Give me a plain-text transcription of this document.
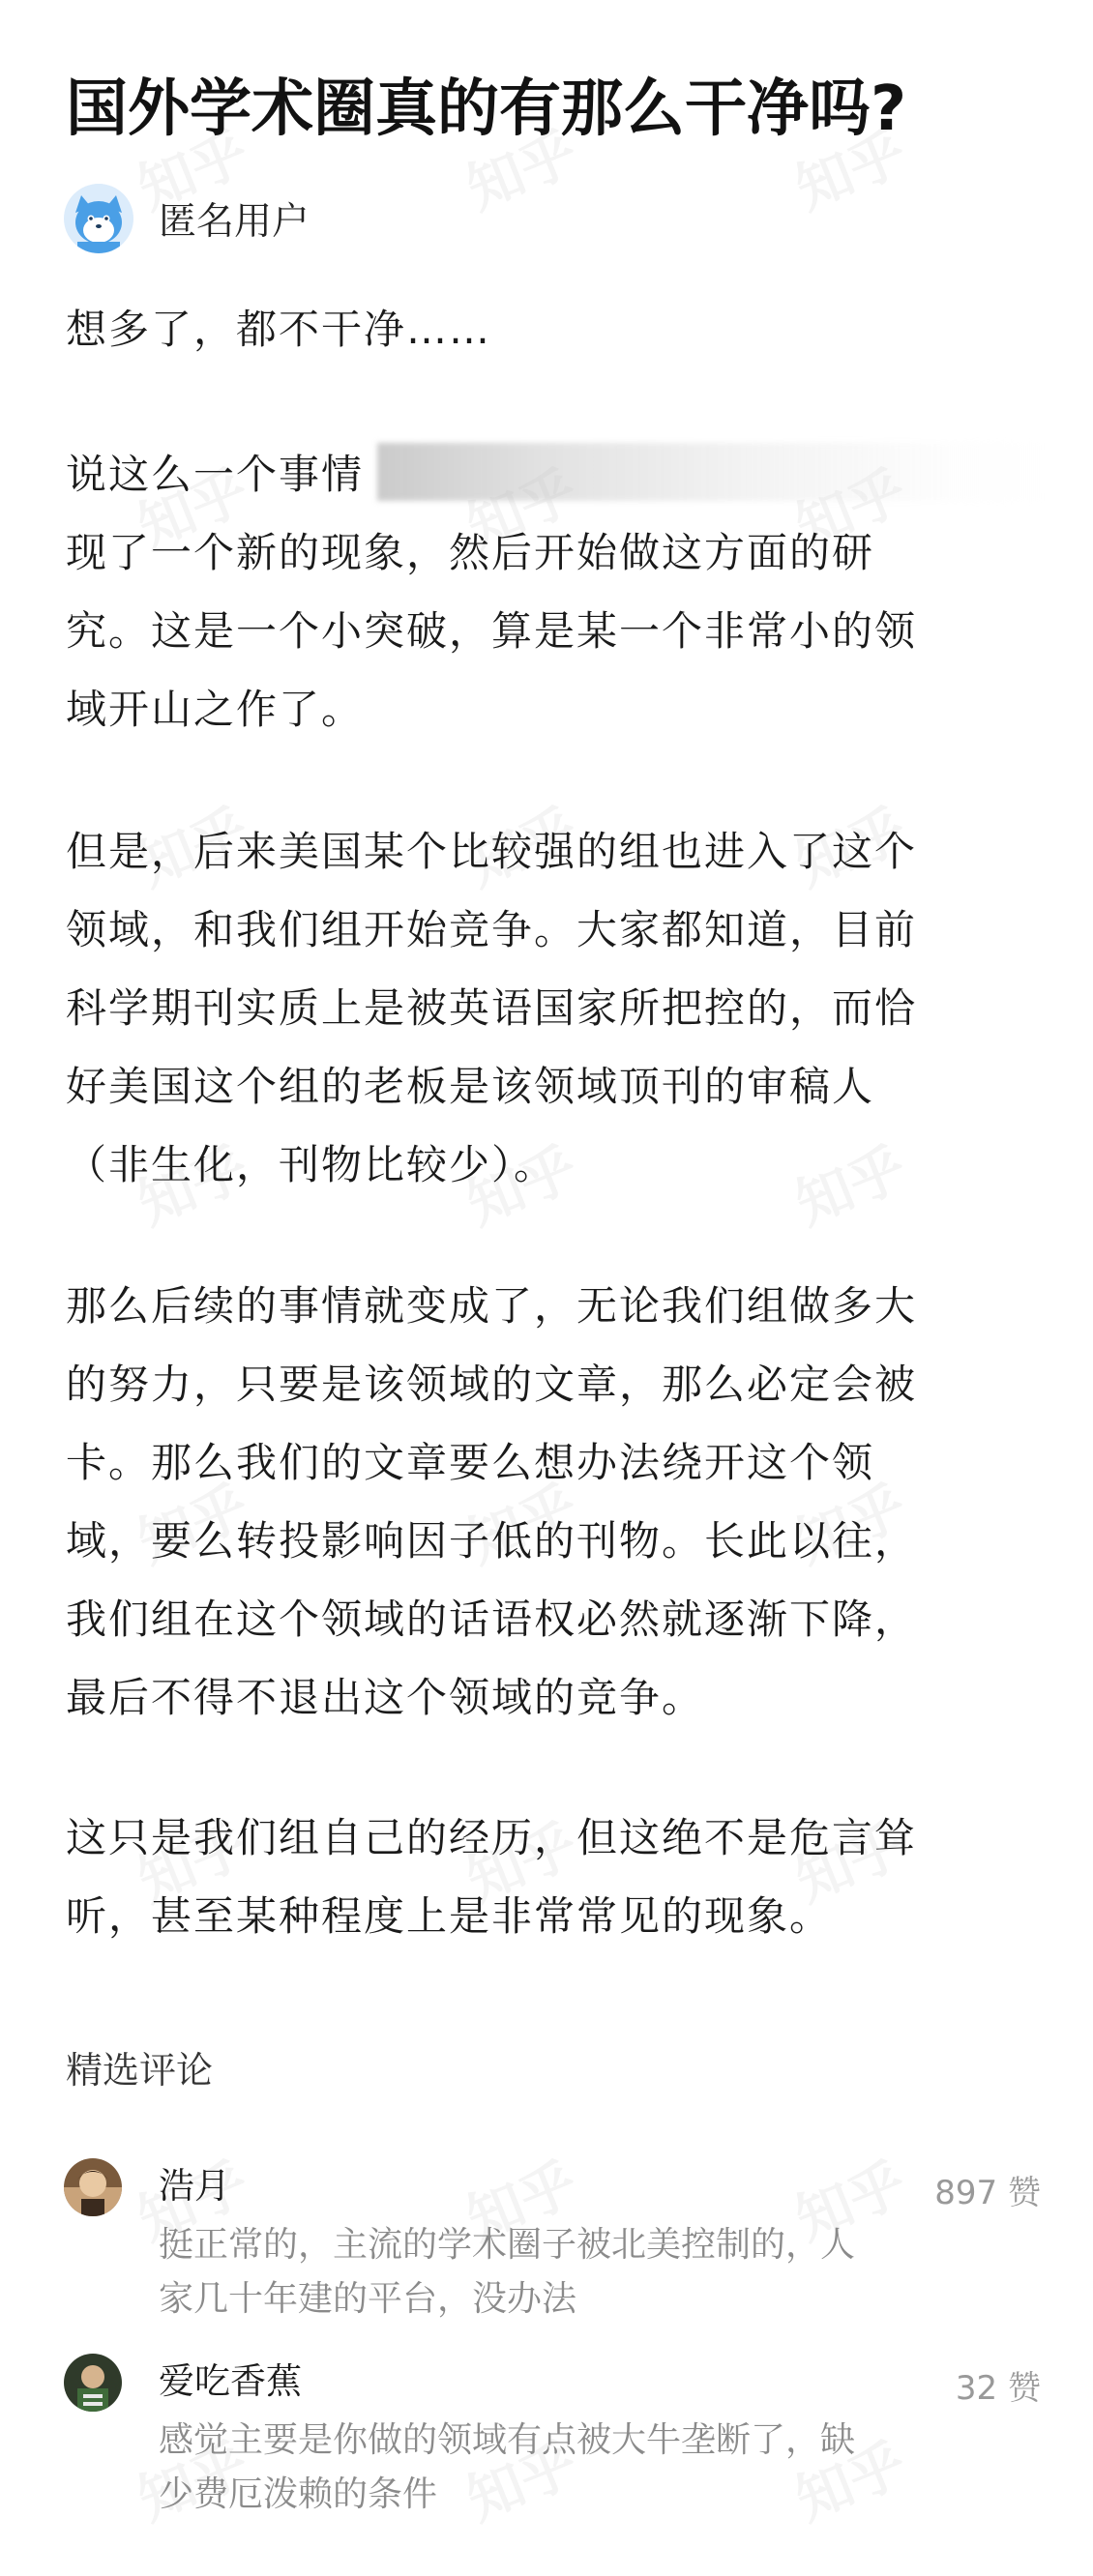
国外学术圈真的有那么干净吗?
匿名用户
想多了，都不干净……
说这么一个事情
现了一个新的现象，然后开始做这方面的研
究。这是一个小突破，算是某一个非常小的领
域开山之作了。
但是，后来美国某个比较强的组也进入了这个
领域，和我们组开始竞争。大家都知道，目前
科学期刊实质上是被英语国家所把控的，而恰
好美国这个组的老板是该领域顶刊的审稿人
（非生化，刊物比较少）。
那么后续的事情就变成了，无论我们组做多大
的努力，只要是该领域的文章，那么必定会被
卡。那么我们的文章要么想办法绕开这个领
域，要么转投影响因子低的刊物。长此以往，
我们组在这个领域的话语权必然就逐渐下降，
最后不得不退出这个领域的竞争。
这只是我们组自己的经历，但这绝不是危言耸
听，甚至某种程度上是非常常见的现象。
精选评论
浩月	897 赞
挺正常的，主流的学术圈子被北美控制的，人
家几十年建的平台，没办法
爱吃香蕉	32 赞
感觉主要是你做的领域有点被大牛垄断了，缺
少费厄泼赖的条件
